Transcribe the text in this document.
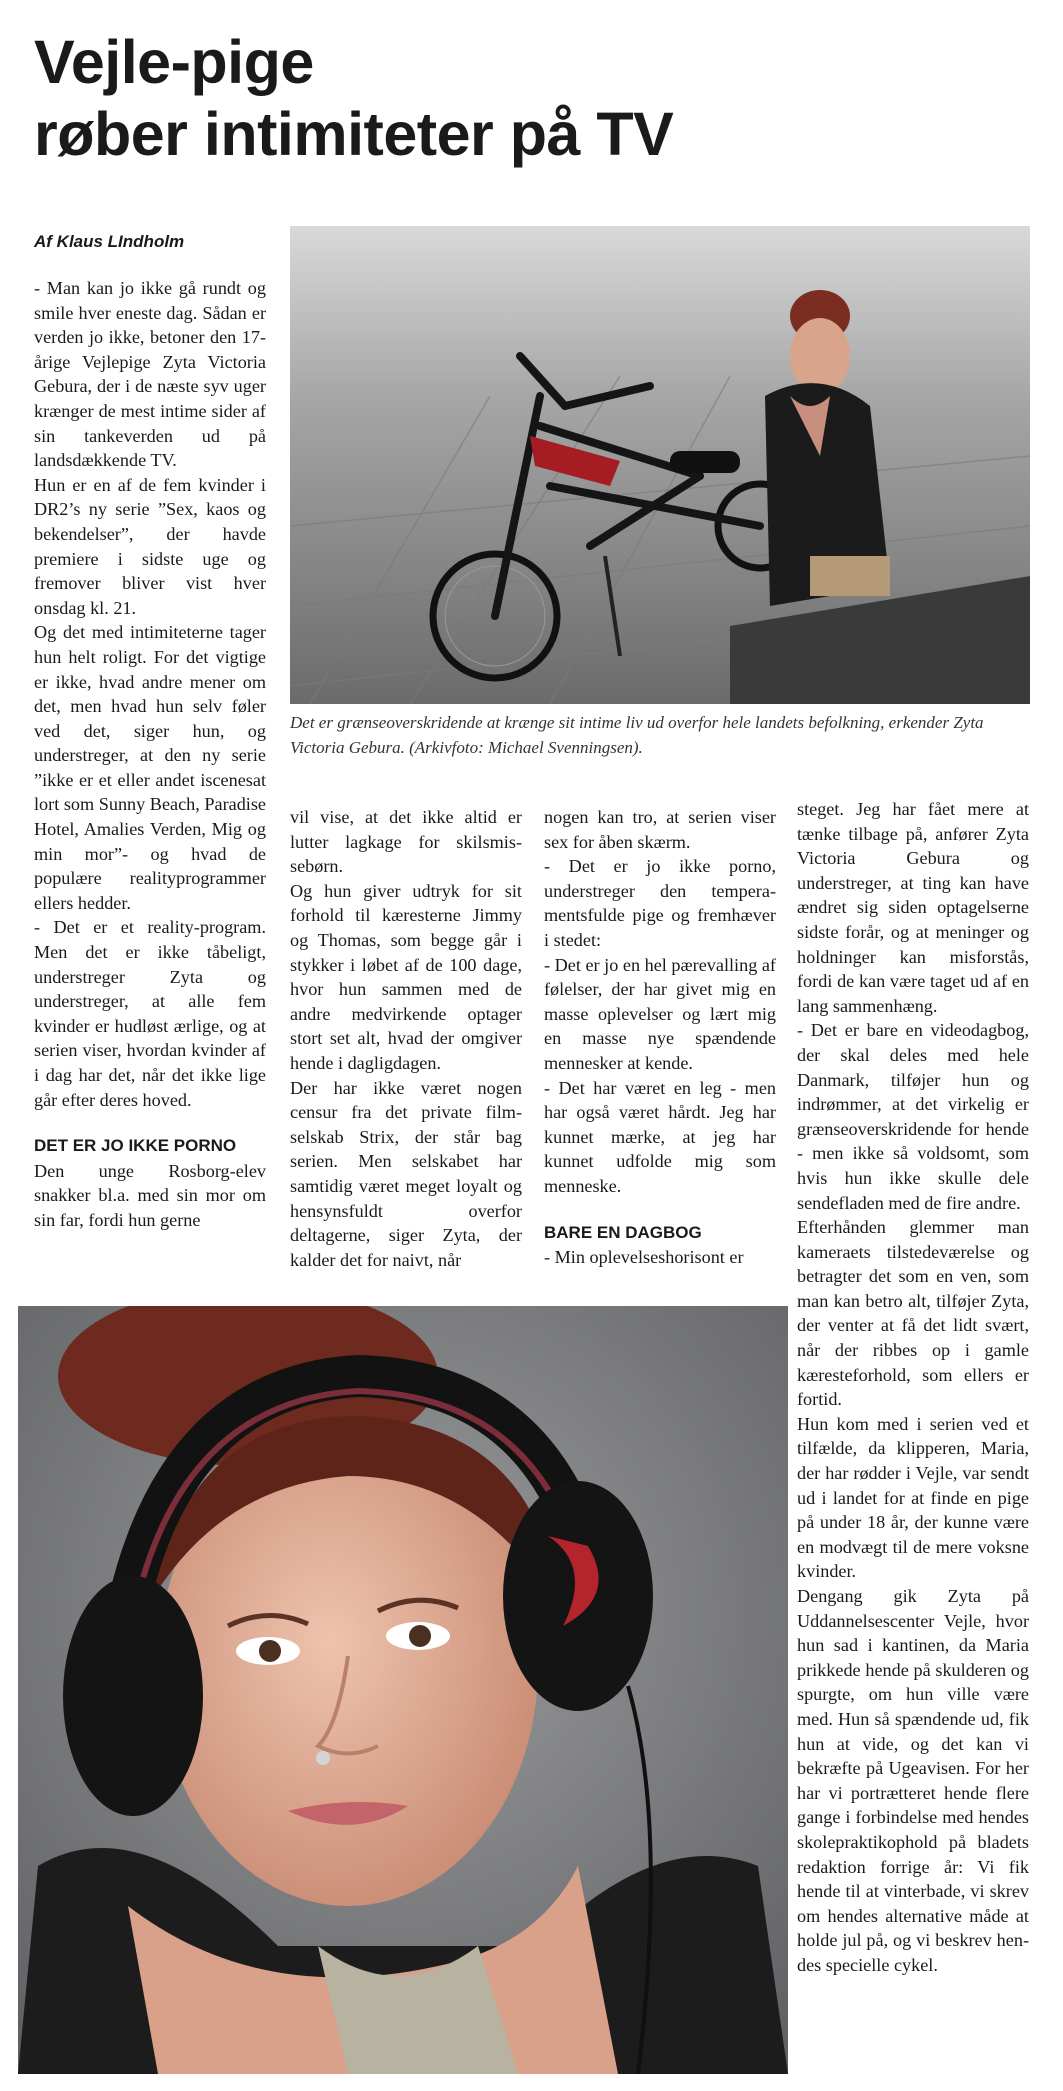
Vejle-pige
røber intimiteter på TV
Af Klaus LIndholm
Det er grænseoverskridende at krænge sit intime liv ud overfor hele landets befolkning, erkender Zyta Victoria Gebura. (Arkivfoto: Michael Svenningsen).

- Man kan jo ikke gå rundt og smile hver eneste dag. Sådan er verden jo ikke, betoner den 17-årige Vejlepige Zyta Victoria Gebura, der i de næste syv uger krænger de mest intime sider af sin tankeverden ud på landsdækkende TV.

Hun er en af de fem kvinder i DR2’s ny serie ”Sex, kaos og bekendelser”, der havde premiere i sidste uge og fremover bliver vist hver onsdag kl. 21.

Og det med intimiteterne tager hun helt roligt. For det vigtige er ikke, hvad andre mener om det, men hvad hun selv føler ved det, siger hun, og understreger, at den ny serie ”ikke er et eller andet iscenesat lort som Sunny Beach, Paradise Hotel, Amalies Verden, Mig og min mor”- og hvad de populære realityprogrammer ellers hedder.

- Det er et reality-program. Men det er ikke tåbeligt, understreger Zyta og understreger, at alle fem kvinder er hudløst ærlige, og at serien viser, hvordan kvinder af i dag har det, når det ikke lige går efter deres hoved.

DET ER JO IKKE PORNO

Den unge Rosborg-elev snakker bl.a. med sin mor om sin far, fordi hun gerne

vil vise, at det ikke altid er lutter lagkage for skilsmissebørn.

Og hun giver udtryk for sit forhold til kæresterne Jimmy og Thomas, som begge går i stykker i løbet af de 100 dage, hvor hun sammen med de andre medvirkende optager stort set alt, hvad der omgiver hende i dagligdagen.

Der har ikke været nogen censur fra det private filmselskab Strix, der står bag serien. Men selskabet har samtidig været meget loyalt og hensynsfuldt overfor deltagerne, siger Zyta, der kalder det for naivt, når

nogen kan tro, at serien viser sex for åben skærm.

- Det er jo ikke porno, understreger den temperamentsfulde pige og fremhæver i stedet:

- Det er jo en hel pærevalling af følelser, der har givet mig en masse oplevelser og lært mig en masse nye spændende mennesker at kende.

- Det har været en leg - men har også været hårdt. Jeg har kunnet mærke, at jeg har kunnet udfolde mig som menneske.

BARE EN DAGBOG

- Min oplevelseshorisont er

steget. Jeg har fået mere at tænke tilbage på, anfører Zyta Victoria Gebura og understreger, at ting kan have ændret sig siden optagelserne sidste forår, og at meninger og holdninger kan misforstås, fordi de kan være taget ud af en lang sammenhæng.

- Det er bare en videodagbog, der skal deles med hele Danmark, tilføjer hun og indrømmer, at det virkelig er grænseoverskridende for hende - men ikke så voldsomt, som hvis hun ikke skulle dele sendefladen med de fire andre.

Efterhånden glemmer man kameraets tilstedeværelse og betragter det som en ven, som man kan betro alt, tilføjer Zyta, der venter at få det lidt svært, når der ribbes op i gamle kæresteforhold, som ellers er fortid.

Hun kom med i serien ved et tilfælde, da klipperen, Maria, der har rødder i Vejle, var sendt ud i landet for at finde en pige på under 18 år, der kunne være en modvægt til de mere voksne kvinder.

Dengang gik Zyta på Uddannelsescenter Vejle, hvor hun sad i kantinen, da Maria prikkede hende på skulderen og spurgte, om hun ville være med. Hun så spændende ud, fik hun at vide, og det kan vi bekræfte på Ugeavisen. For her har vi portrætteret hende flere gange i forbindelse med hendes skolepraktikophold på bladets redaktion forrige år: Vi fik hende til at vinterbade, vi skrev om hendes alternative måde at holde jul på, og vi beskrev hendes specielle cykel.
